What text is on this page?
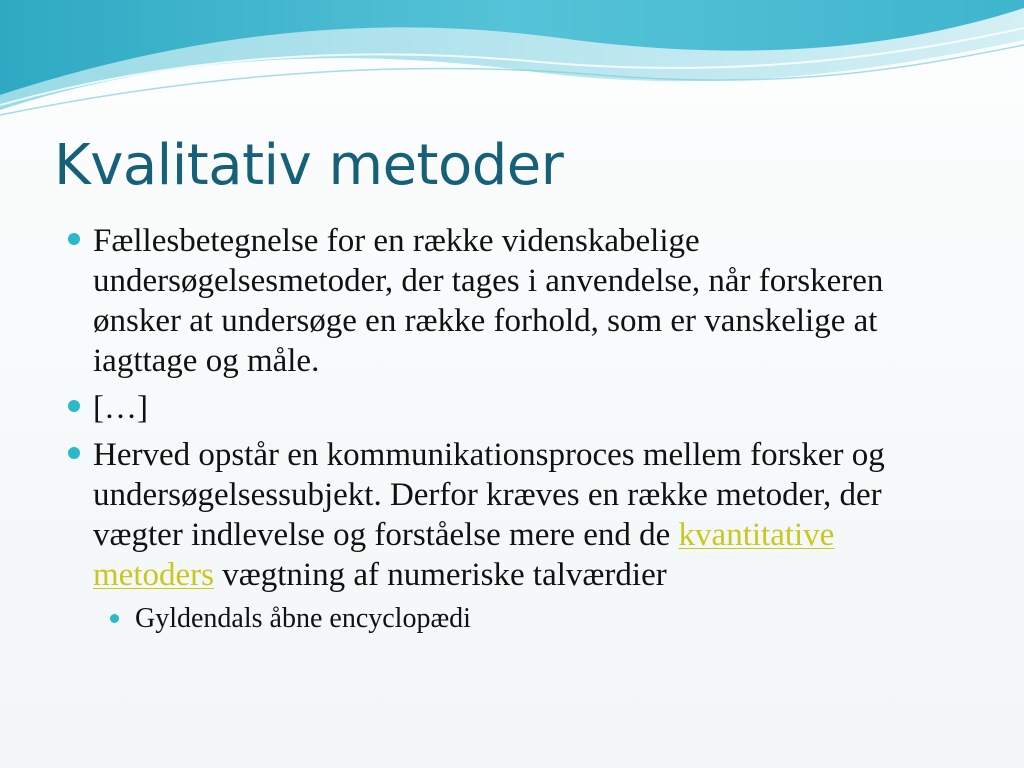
Kvalitativ metoder
Fællesbetegnelse for en række videnskabelige undersøgelsesmetoder, der tages i anvendelse, når forskeren ønsker at undersøge en række forhold, som er vanskelige at iagttage og måle.
[…]
Herved opstår en kommunikationsproces mellem forsker og undersøgelsessubjekt. Derfor kræves en række metoder, der vægter indlevelse og forståelse mere end de kvantitative metoders vægtning af numeriske talværdier
Gyldendals åbne encyclopædi
